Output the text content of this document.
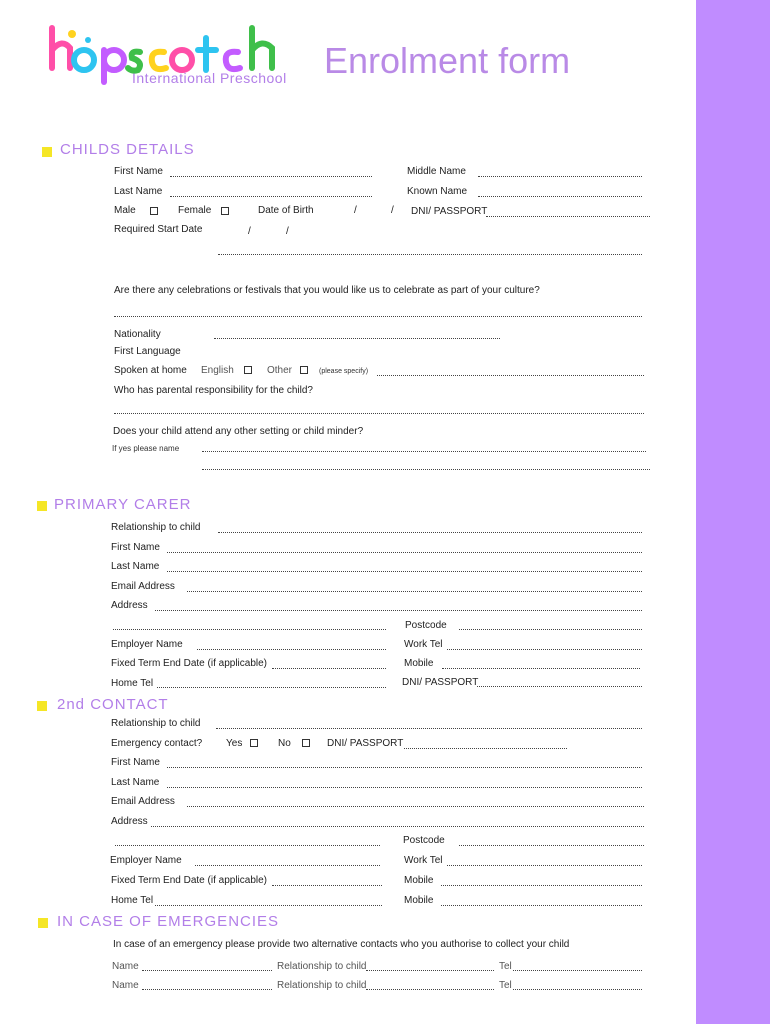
International Preschool Enrolment form
CHILDS DETAILS
First Name	Middle Name
Last Name	Known Name
Male	Female	Date of Birth	/	/ DNI/ PASSPORT
Required Start Date	/	/
Are there any celebrations or festivals that you would like us to celebrate as part of your culture?
Nationality
First Language
Spoken at home English	Other	(please specify)
Who has parental responsibility for the child?
Does your child attend any other setting or child minder?
If yes please name
PRIMARY CARER
Relationship to child
First Name
Last Name
Email Address
Address
Postcode
Employer Name	Work Tel
Fixed Term End Date (if applicable)	Mobile
Home Tel	DNI/ PASSPORT
2nd CONTACT
Relationship to child
Emergency contact? Yes	No	DNI/ PASSPORT
First Name
Last Name
Email Address
Address
Postcode
Employer Name	Work Tel
Fixed Term End Date (if applicable)	Mobile
Home Tel	Mobile
IN CASE OF EMERGENCIES
In case of an emergency please provide two alternative contacts who you authorise to collect your child
Name	Relationship to child	Tel
Name	Relationship to child	Tel
